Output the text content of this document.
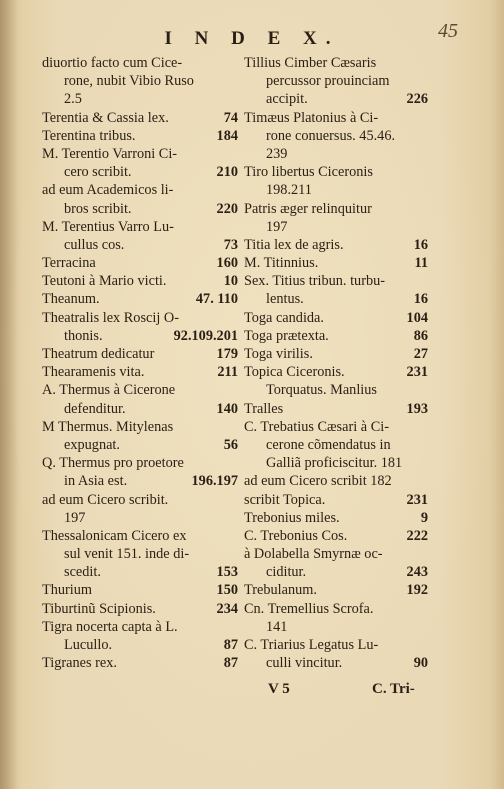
I N D E X.	45
diuortio facto cum Cice-
rone, nubit Vibio Ruso
2.5
Terentia & Cassia lex.	74
Terentina tribus.	184
M. Terentio Varroni Ci-
cero scribit.	210
ad eum Academicos li-
bros scribit.	220
M. Terentius Varro Lu-
cullus cos.	73
Terracina	160
Teutoni à Mario victi.	10
Theanum.	47. 110
Theatralis lex Roscij O-
thonis.	92.109.201
Theatrum dedicatur	179
Thearamenis vita.	211
A. Thermus à Cicerone
defenditur.	140
M Thermus. Mitylenas
expugnat.	56
Q. Thermus pro proetore
in Asia est.	196.197
ad eum Cicero scribit.
197
Thessalonicam Cicero ex
sul venit 151. inde di-
scedit.	153
Thurium	150
Tiburtinũ Scipionis.	234
Tigra nocerta capta à L.
Lucullo.	87
Tigranes rex.	87
Tillius Cimber Cæsaris
percussor prouinciam
accipit.	226
Timæus Platonius à Ci-
rone conuersus. 45.46.
239
Tiro libertus Ciceronis
198.211
Patris æger relinquitur
197
Titia lex de agris.	16
M. Titinnius.	11
Sex. Titius tribun. turbu-
lentus.	16
Toga candida.	104
Toga prætexta.	86
Toga virilis.	27
Topica Ciceronis.	231
Torquatus. Manlius
Tralles	193
C. Trebatius Cæsari à Ci-
cerone cõmendatus in
Galliã proficiscitur. 181
ad eum Cicero scribit 182
scribit Topica.	231
Trebonius miles.	9
C. Trebonius Cos.	222
à Dolabella Smyrnæ oc-
ciditur.	243
Trebulanum.	192
Cn. Tremellius Scrofa.
141
C. Triarius Legatus Lu-
culli vincitur.	90
V 5	C. Tri-
